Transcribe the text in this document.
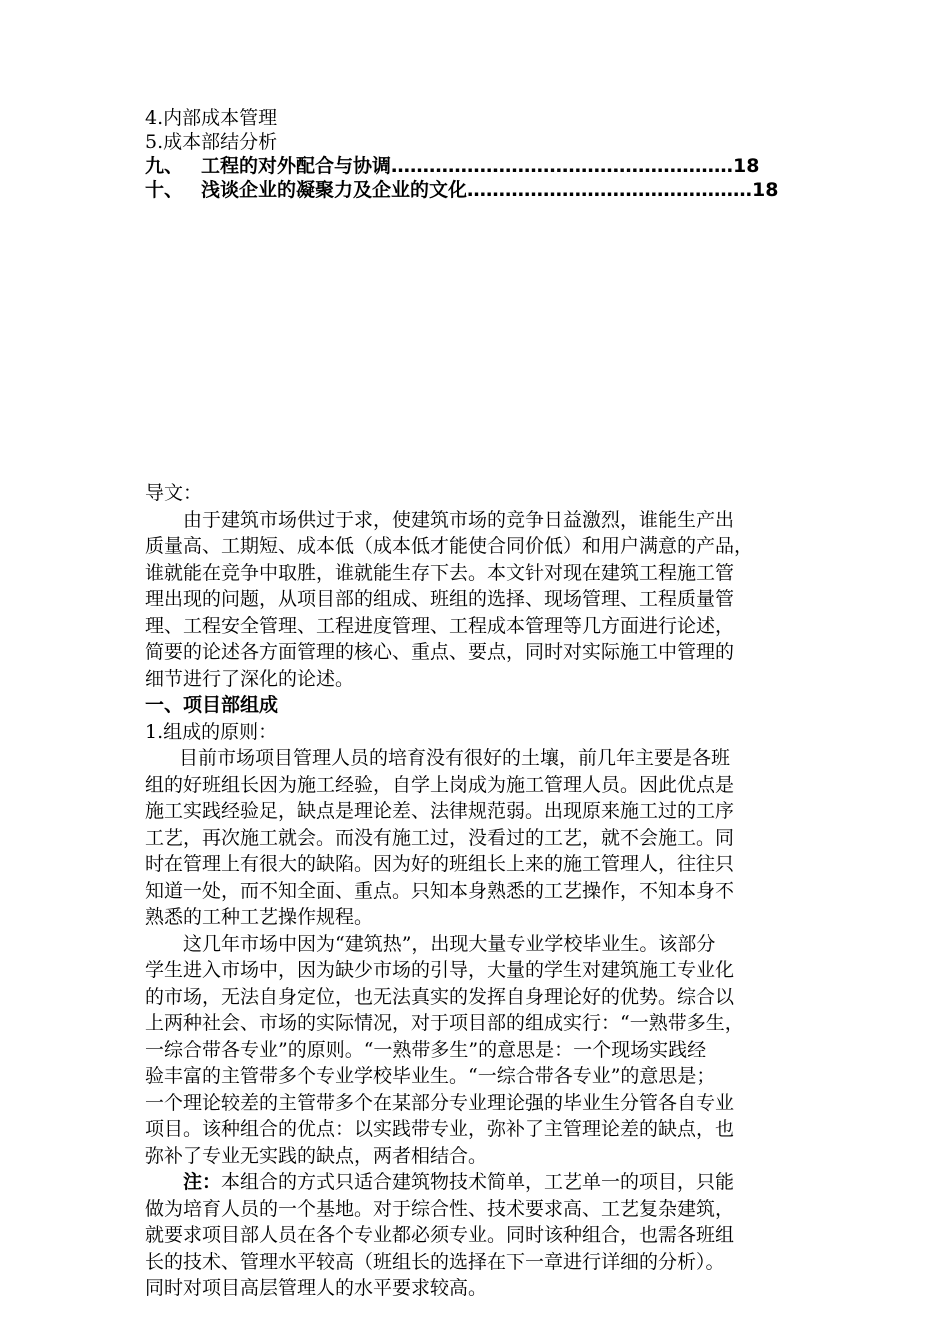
4.内部成本管理
5.成本部结分析
九、 工程的对外配合与协调………………………………………………18
十、 浅谈企业的凝聚力及企业的文化………………………………………18
导文：
由于建筑市场供过于求，使建筑市场的竞争日益激烈，谁能生产出
质量高、工期短、成本低（成本低才能使合同价低）和用户满意的产品，
谁就能在竞争中取胜，谁就能生存下去。本文针对现在建筑工程施工管
理出现的问题，从项目部的组成、班组的选择、现场管理、工程质量管
理、工程安全管理、工程进度管理、工程成本管理等几方面进行论述，
简要的论述各方面管理的核心、重点、要点，同时对实际施工中管理的
细节进行了深化的论述。
一、项目部组成
1.组成的原则：
目前市场项目管理人员的培育没有很好的土壤，前几年主要是各班
组的好班组长因为施工经验，自学上岗成为施工管理人员。因此优点是
施工实践经验足，缺点是理论差、法律规范弱。出现原来施工过的工序
工艺，再次施工就会。而没有施工过，没看过的工艺，就不会施工。同
时在管理上有很大的缺陷。因为好的班组长上来的施工管理人，往往只
知道一处，而不知全面、重点。只知本身熟悉的工艺操作，不知本身不
熟悉的工种工艺操作规程。
这几年市场中因为“建筑热”，出现大量专业学校毕业生。该部分
学生进入市场中，因为缺少市场的引导，大量的学生对建筑施工专业化
的市场，无法自身定位，也无法真实的发挥自身理论好的优势。综合以
上两种社会、市场的实际情况，对于项目部的组成实行：“一熟带多生，
一综合带各专业”的原则。“一熟带多生”的意思是：一个现场实践经
验丰富的主管带多个专业学校毕业生。“一综合带各专业”的意思是；
一个理论较差的主管带多个在某部分专业理论强的毕业生分管各自专业
项目。该种组合的优点：以实践带专业，弥补了主管理论差的缺点，也
弥补了专业无实践的缺点，两者相结合。
注：本组合的方式只适合建筑物技术简单，工艺单一的项目，只能
做为培育人员的一个基地。对于综合性、技术要求高、工艺复杂建筑，
就要求项目部人员在各个专业都必须专业。同时该种组合，也需各班组
长的技术、管理水平较高（班组长的选择在下一章进行详细的分析）。
同时对项目高层管理人的水平要求较高。
